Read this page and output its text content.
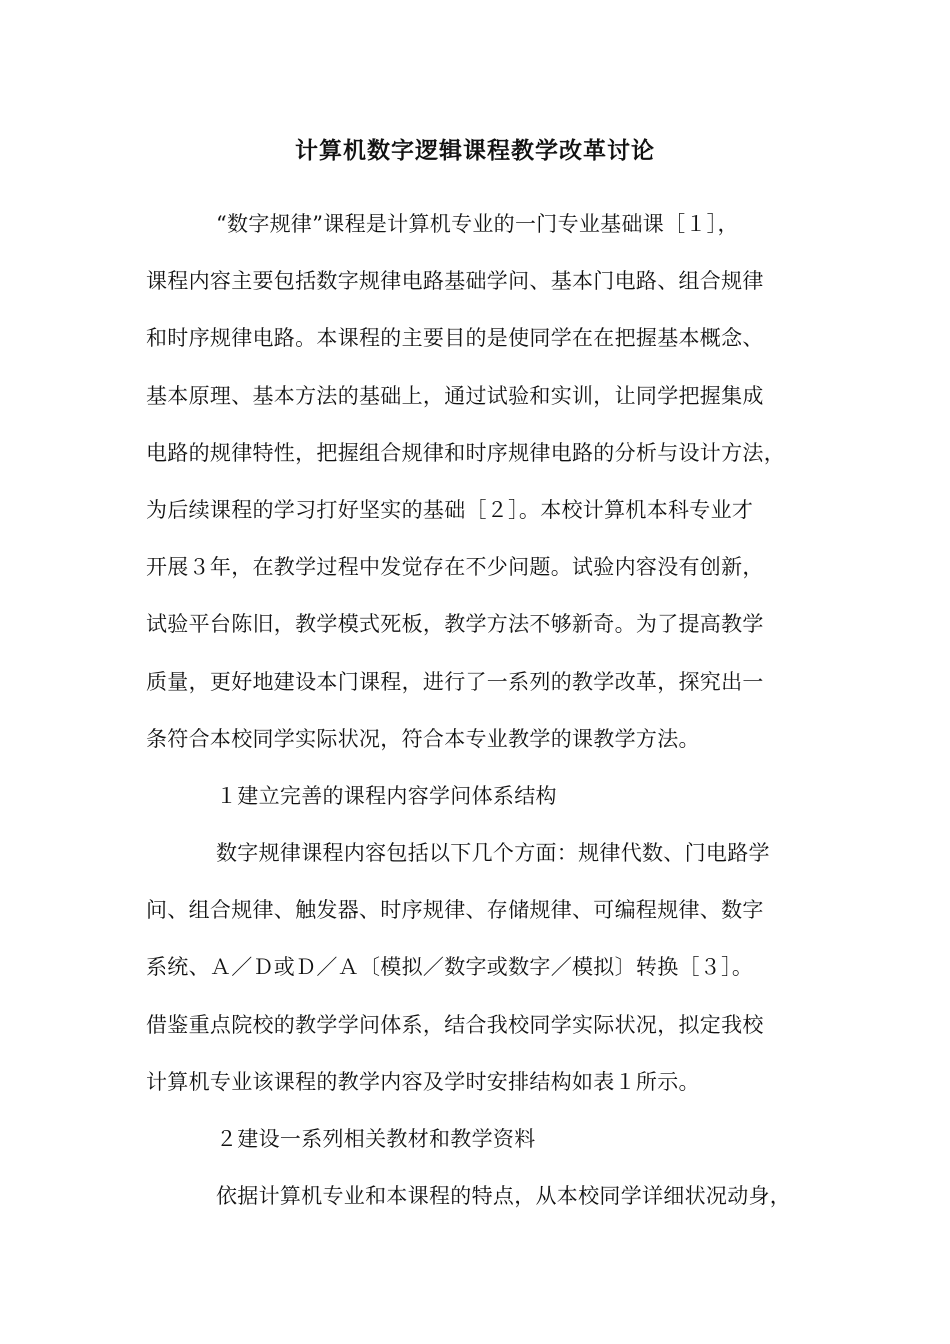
计算机数字逻辑课程教学改革讨论
“数字规律”课程是计算机专业的一门专业基础课［１］，
课程内容主要包括数字规律电路基础学问、基本门电路、组合规律
和时序规律电路。本课程的主要目的是使同学在在把握基本概念、
基本原理、基本方法的基础上，通过试验和实训，让同学把握集成
电路的规律特性，把握组合规律和时序规律电路的分析与设计方法，
为后续课程的学习打好坚实的基础［２］。本校计算机本科专业才
开展３年，在教学过程中发觉存在不少问题。试验内容没有创新，
试验平台陈旧，教学模式死板，教学方法不够新奇。为了提高教学
质量，更好地建设本门课程，进行了一系列的教学改革，探究出一
条符合本校同学实际状况，符合本专业教学的课教学方法。
１建立完善的课程内容学问体系结构
数字规律课程内容包括以下几个方面：规律代数、门电路学
问、组合规律、触发器、时序规律、存储规律、可编程规律、数字
系统、Ａ／Ｄ或Ｄ／Ａ〔模拟／数字或数字／模拟〕转换［３］。
借鉴重点院校的教学学问体系，结合我校同学实际状况，拟定我校
计算机专业该课程的教学内容及学时安排结构如表１所示。
２建设一系列相关教材和教学资料
依据计算机专业和本课程的特点，从本校同学详细状况动身，
